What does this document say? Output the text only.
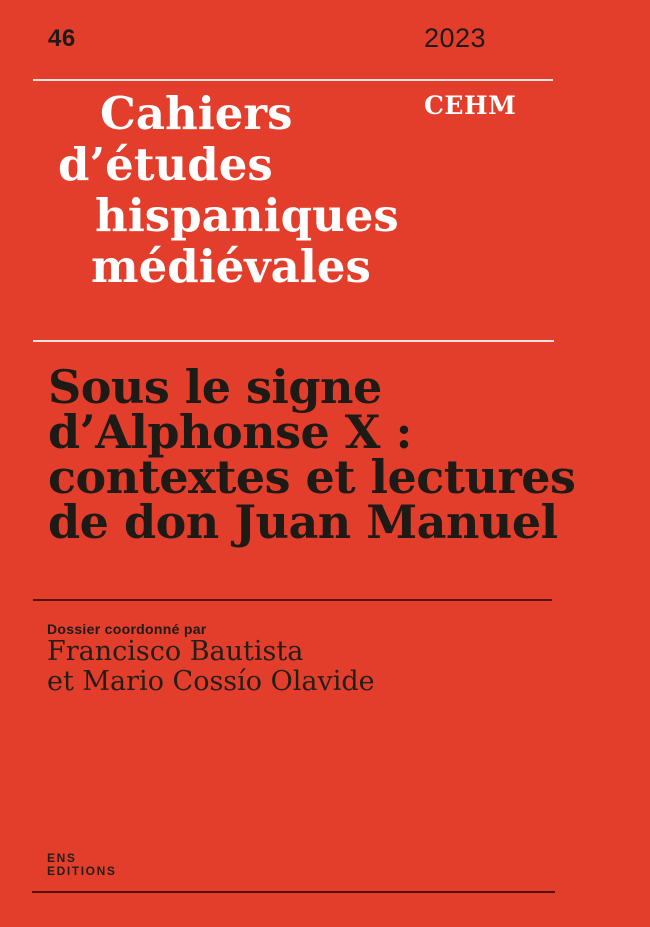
46	2023
CEHM
Cahiers
d’études
hispaniques
médiévales
Sous le signe
d’Alphonse X :
contextes et lectures
de don Juan Manuel
Dossier coordonné par
Francisco Bautista
et Mario Cossío Olavide
ENS
EDITIONS
